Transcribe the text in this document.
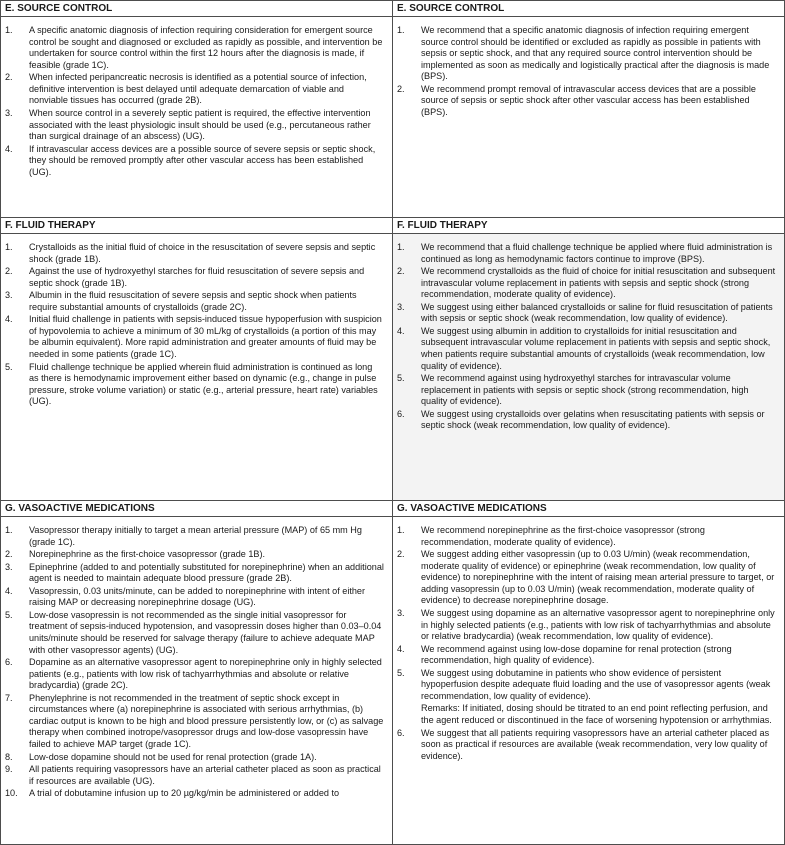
E. SOURCE CONTROL
1. A specific anatomic diagnosis of infection requiring consideration for emergent source control be sought and diagnosed or excluded as rapidly as possible, and intervention be undertaken for source control within the first 12 hours after the diagnosis is made, if feasible (grade 1C).
2. When infected peripancreatic necrosis is identified as a potential source of infection, definitive intervention is best delayed until adequate demarcation of viable and nonviable tissues has occurred (grade 2B).
3. When source control in a severely septic patient is required, the effective intervention associated with the least physiologic insult should be used (e.g., percutaneous rather than surgical drainage of an abscess) (UG).
4. If intravascular access devices are a possible source of severe sepsis or septic shock, they should be removed promptly after other vascular access has been established (UG).
E. SOURCE CONTROL
1. We recommend that a specific anatomic diagnosis of infection requiring emergent source control should be identified or excluded as rapidly as possible in patients with sepsis or septic shock, and that any required source control intervention should be implemented as soon as medically and logistically practical after the diagnosis is made (BPS).
2. We recommend prompt removal of intravascular access devices that are a possible source of sepsis or septic shock after other vascular access has been established (BPS).
F. FLUID THERAPY
1. Crystalloids as the initial fluid of choice in the resuscitation of severe sepsis and septic shock (grade 1B).
2. Against the use of hydroxyethyl starches for fluid resuscitation of severe sepsis and septic shock (grade 1B).
3. Albumin in the fluid resuscitation of severe sepsis and septic shock when patients require substantial amounts of crystalloids (grade 2C).
4. Initial fluid challenge in patients with sepsis-induced tissue hypoperfusion with suspicion of hypovolemia to achieve a minimum of 30 mL/kg of crystalloids (a portion of this may be albumin equivalent). More rapid administration and greater amounts of fluid may be needed in some patients (grade 1C).
5. Fluid challenge technique be applied wherein fluid administration is continued as long as there is hemodynamic improvement either based on dynamic (e.g., change in pulse pressure, stroke volume variation) or static (e.g., arterial pressure, heart rate) variables (UG).
F. FLUID THERAPY
1. We recommend that a fluid challenge technique be applied where fluid administration is continued as long as hemodynamic factors continue to improve (BPS).
2. We recommend crystalloids as the fluid of choice for initial resuscitation and subsequent intravascular volume replacement in patients with sepsis and septic shock (strong recommendation, moderate quality of evidence).
3. We suggest using either balanced crystalloids or saline for fluid resuscitation of patients with sepsis or septic shock (weak recommendation, low quality of evidence).
4. We suggest using albumin in addition to crystalloids for initial resuscitation and subsequent intravascular volume replacement in patients with sepsis and septic shock, when patients require substantial amounts of crystalloids (weak recommendation, low quality of evidence).
5. We recommend against using hydroxyethyl starches for intravascular volume replacement in patients with sepsis or septic shock (strong recommendation, high quality of evidence).
6. We suggest using crystalloids over gelatins when resuscitating patients with sepsis or septic shock (weak recommendation, low quality of evidence).
G. VASOACTIVE MEDICATIONS
1. Vasopressor therapy initially to target a mean arterial pressure (MAP) of 65 mm Hg (grade 1C).
2. Norepinephrine as the first-choice vasopressor (grade 1B).
3. Epinephrine (added to and potentially substituted for norepinephrine) when an additional agent is needed to maintain adequate blood pressure (grade 2B).
4. Vasopressin, 0.03 units/minute, can be added to norepinephrine with intent of either raising MAP or decreasing norepinephrine dosage (UG).
5. Low-dose vasopressin is not recommended as the single initial vasopressor for treatment of sepsis-induced hypotension, and vasopressin doses higher than 0.03–0.04 units/minute should be reserved for salvage therapy (failure to achieve adequate MAP with other vasopressor agents) (UG).
6. Dopamine as an alternative vasopressor agent to norepinephrine only in highly selected patients (e.g., patients with low risk of tachyarrhythmias and absolute or relative bradycardia) (grade 2C).
7. Phenylephrine is not recommended in the treatment of septic shock except in circumstances where (a) norepinephrine is associated with serious arrhythmias, (b) cardiac output is known to be high and blood pressure persistently low, or (c) as salvage therapy when combined inotrope/vasopressor drugs and low-dose vasopressin have failed to achieve MAP target (grade 1C).
8. Low-dose dopamine should not be used for renal protection (grade 1A).
9. All patients requiring vasopressors have an arterial catheter placed as soon as practical if resources are available (UG).
10. A trial of dobutamine infusion up to 20 µg/kg/min be administered or added to
G. VASOACTIVE MEDICATIONS
1. We recommend norepinephrine as the first-choice vasopressor (strong recommendation, moderate quality of evidence).
2. We suggest adding either vasopressin (up to 0.03 U/min) (weak recommendation, moderate quality of evidence) or epinephrine (weak recommendation, low quality of evidence) to norepinephrine with the intent of raising mean arterial pressure to target, or adding vasopressin (up to 0.03 U/min) (weak recommendation, moderate quality of evidence) to decrease norepinephrine dosage.
3. We suggest using dopamine as an alternative vasopressor agent to norepinephrine only in highly selected patients (e.g., patients with low risk of tachyarrhythmias and absolute or relative bradycardia) (weak recommendation, low quality of evidence).
4. We recommend against using low-dose dopamine for renal protection (strong recommendation, high quality of evidence).
5. We suggest using dobutamine in patients who show evidence of persistent hypoperfusion despite adequate fluid loading and the use of vasopressor agents (weak recommendation, low quality of evidence).
Remarks: If initiated, dosing should be titrated to an end point reflecting perfusion, and the agent reduced or discontinued in the face of worsening hypotension or arrhythmias.
6. We suggest that all patients requiring vasopressors have an arterial catheter placed as soon as practical if resources are available (weak recommendation, very low quality of evidence).
